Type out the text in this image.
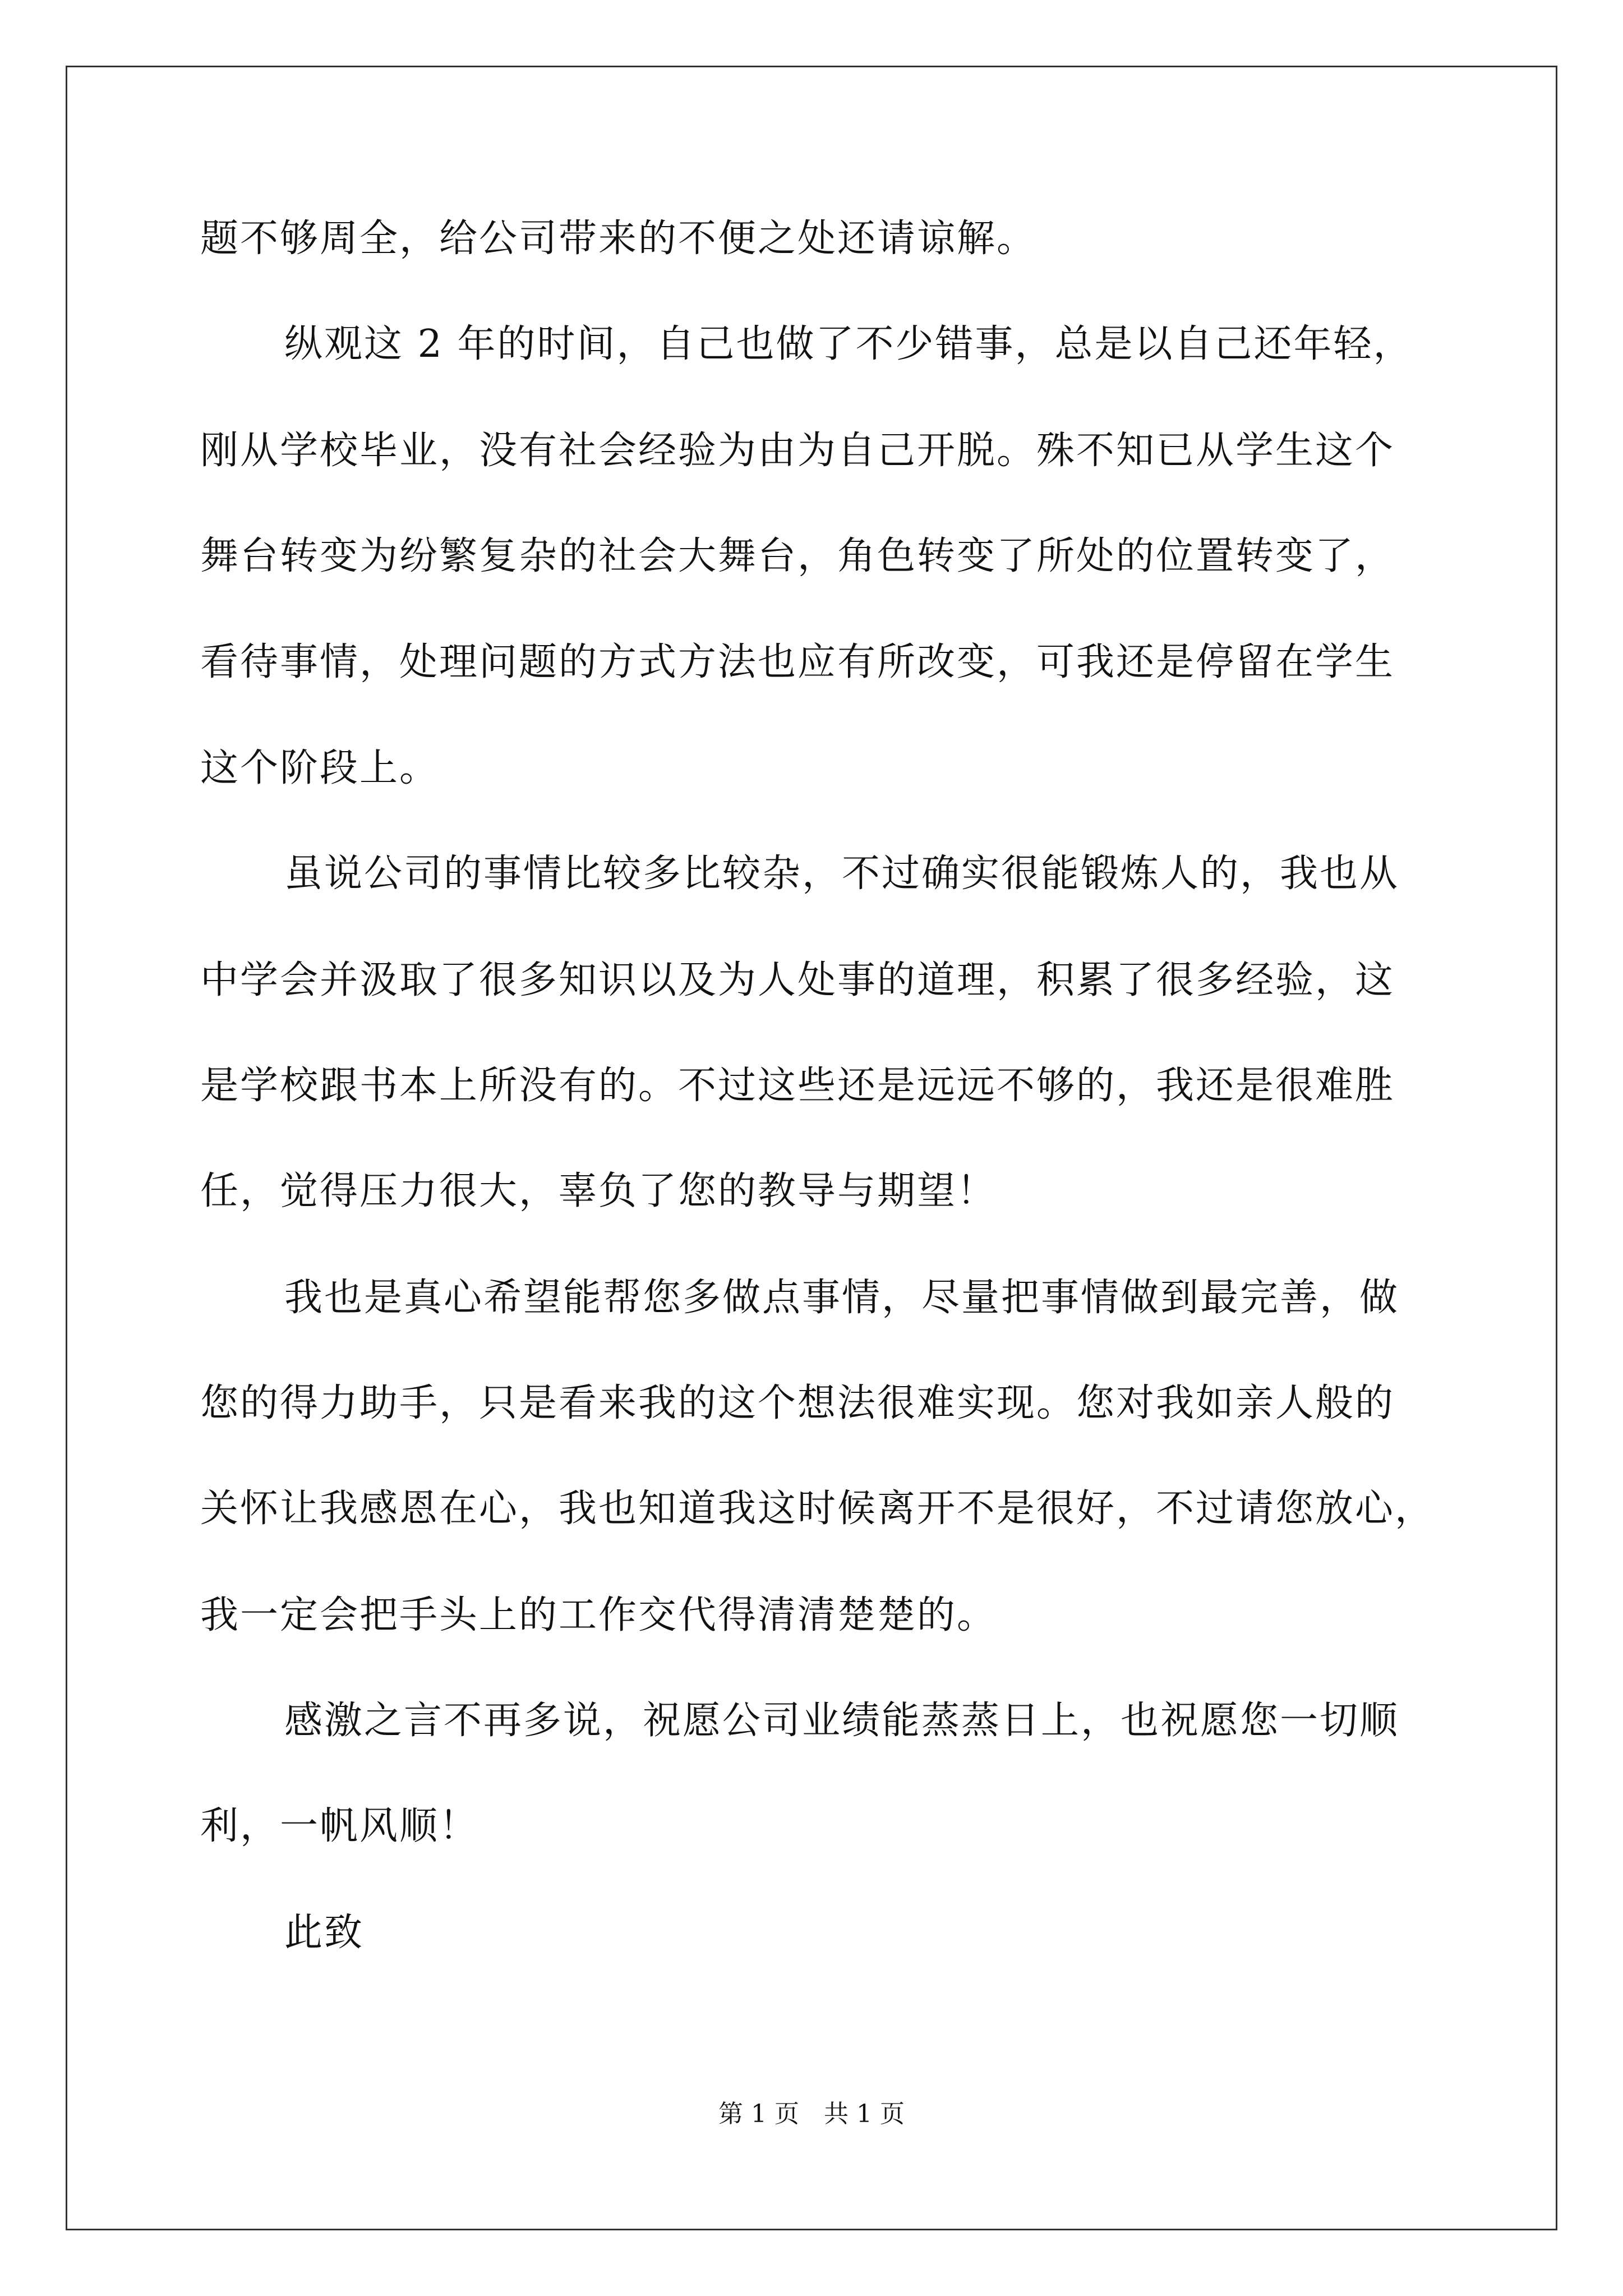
题不够周全，给公司带来的不便之处还请谅解。
纵观这 2 年的时间，自己也做了不少错事，总是以自己还年轻，
刚从学校毕业，没有社会经验为由为自己开脱。殊不知已从学生这个
舞台转变为纷繁复杂的社会大舞台，角色转变了所处的位置转变了，
看待事情，处理问题的方式方法也应有所改变，可我还是停留在学生
这个阶段上。
虽说公司的事情比较多比较杂，不过确实很能锻炼人的，我也从
中学会并汲取了很多知识以及为人处事的道理，积累了很多经验，这
是学校跟书本上所没有的。不过这些还是远远不够的，我还是很难胜
任，觉得压力很大，辜负了您的教导与期望！
我也是真心希望能帮您多做点事情，尽量把事情做到最完善，做
您的得力助手，只是看来我的这个想法很难实现。您对我如亲人般的
关怀让我感恩在心，我也知道我这时候离开不是很好，不过请您放心，
我一定会把手头上的工作交代得清清楚楚的。
感激之言不再多说，祝愿公司业绩能蒸蒸日上，也祝愿您一切顺
利，一帆风顺！
此致
第 1 页　共 1 页
